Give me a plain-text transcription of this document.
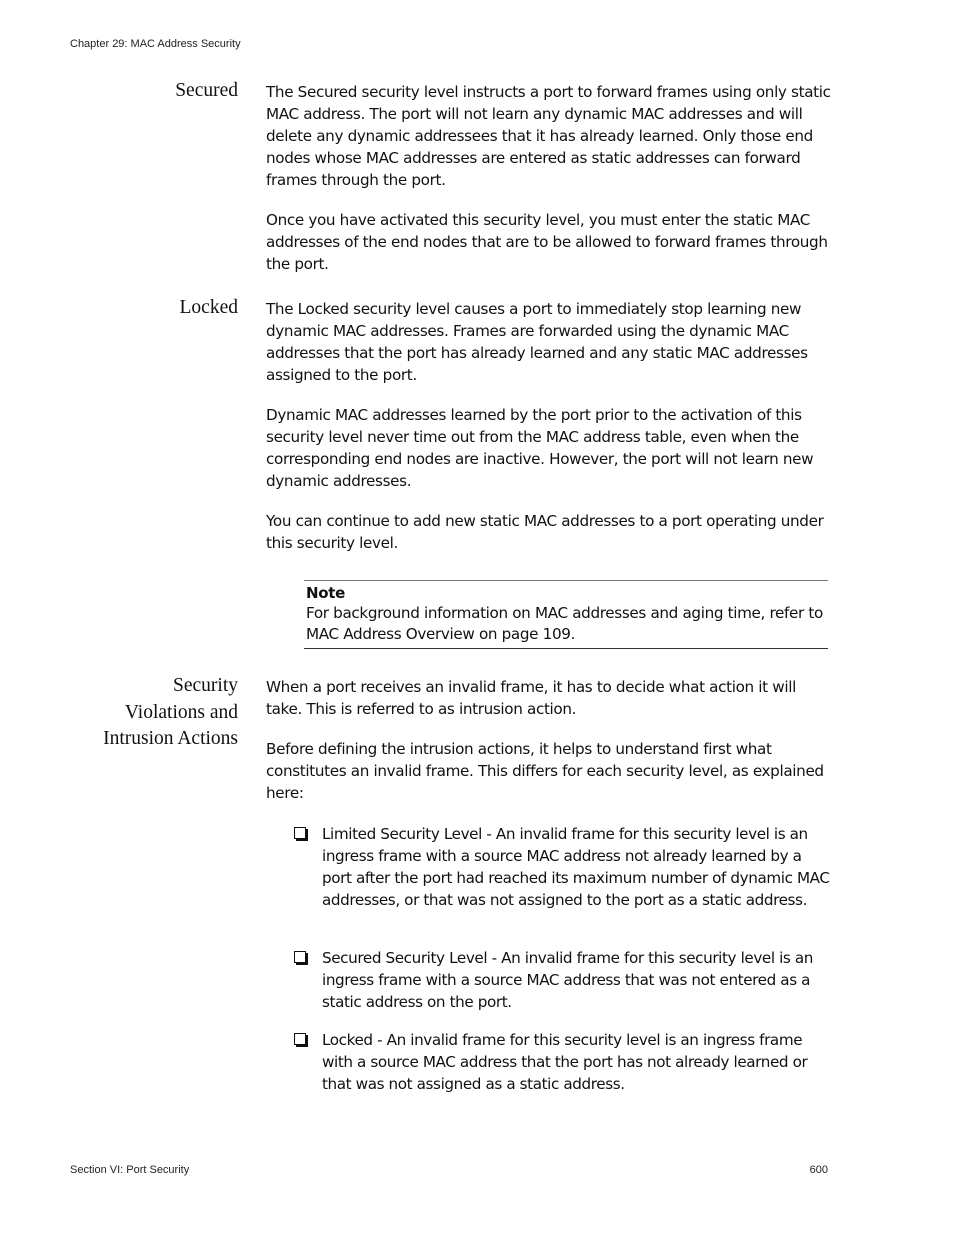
Chapter 29: MAC Address Security
Secured The Secured security level instructs a port to forward frames using only static MAC address. The port will not learn any dynamic MAC addresses and will delete any dynamic addressees that it has already learned. Only those end nodes whose MAC addresses are entered as static addresses can forward frames through the port.

Once you have activated this security level, you must enter the static MAC addresses of the end nodes that are to be allowed to forward frames through the port.

Locked The Locked security level causes a port to immediately stop learning new dynamic MAC addresses. Frames are forwarded using the dynamic MAC addresses that the port has already learned and any static MAC addresses assigned to the port.

Dynamic MAC addresses learned by the port prior to the activation of this security level never time out from the MAC address table, even when the corresponding end nodes are inactive. However, the port will not learn new dynamic addresses.

You can continue to add new static MAC addresses to a port operating under this security level.

Note

For background information on MAC addresses and aging time, refer to MAC Address Overview on page 109.

Security
Violations and
Intrusion Actions

When a port receives an invalid frame, it has to decide what action it will take. This is referred to as intrusion action.

Before defining the intrusion actions, it helps to understand first what constitutes an invalid frame. This differs for each security level, as explained here:

Limited Security Level - An invalid frame for this security level is an ingress frame with a source MAC address not already learned by a port after the port had reached its maximum number of dynamic MAC addresses, or that was not assigned to the port as a static address.

Secured Security Level - An invalid frame for this security level is an ingress frame with a source MAC address that was not entered as a static address on the port.

Locked - An invalid frame for this security level is an ingress frame with a source MAC address that the port has not already learned or that was not assigned as a static address.

Section VI: Port Security	600
